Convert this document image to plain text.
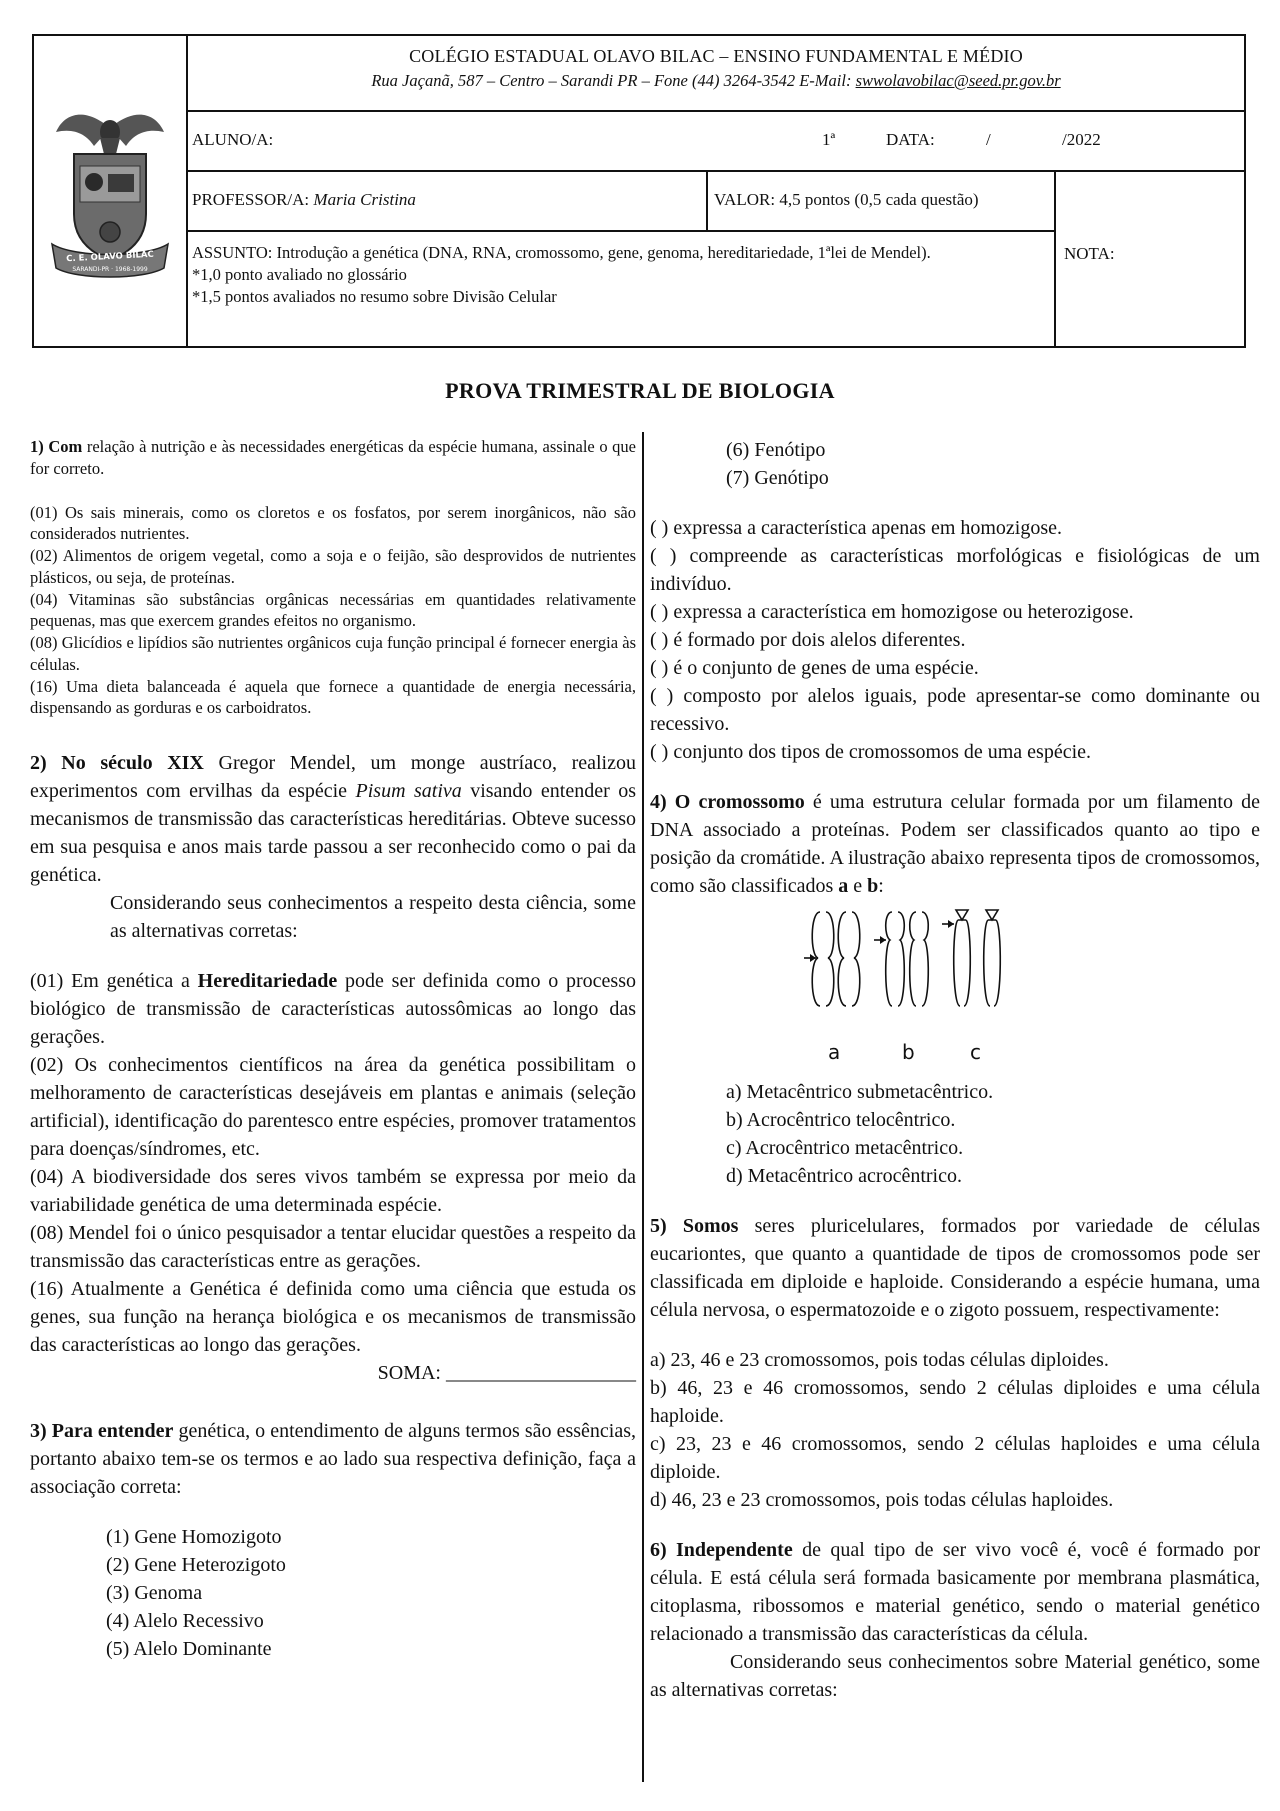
C. E. OLAVO BILAC
SARANDI-PR · 1968-1999
COLÉGIO ESTADUAL OLAVO BILAC – ENSINO FUNDAMENTAL E MÉDIO
Rua Jaçanã, 587 – Centro – Sarandi PR – Fone (44) 3264-3542 E-Mail: swwolavobilac@seed.pr.gov.br
ALUNO/A:	1ª	DATA:	/	/2022
PROFESSOR/A: Maria Cristina	VALOR: 4,5 pontos (0,5 cada questão)
ASSUNTO: Introdução a genética (DNA, RNA, cromossomo, gene, genoma, hereditariedade, 1ªlei de Mendel).
*1,0 ponto avaliado no glossário
*1,5 pontos avaliados no resumo sobre Divisão Celular
NOTA:
PROVA TRIMESTRAL DE BIOLOGIA

1) Com relação à nutrição e às necessidades energéticas da espécie humana, assinale o que for correto.

(01) Os sais minerais, como os cloretos e os fosfatos, por serem inorgânicos, não são considerados nutrientes.

(02) Alimentos de origem vegetal, como a soja e o feijão, são desprovidos de nutrientes plásticos, ou seja, de proteínas.

(04) Vitaminas são substâncias orgânicas necessárias em quantidades relativamente pequenas, mas que exercem grandes efeitos no organismo.

(08) Glicídios e lipídios são nutrientes orgânicos cuja função principal é fornecer energia às células.

(16) Uma dieta balanceada é aquela que fornece a quantidade de energia necessária, dispensando as gorduras e os carboidratos.

2) No século XIX Gregor Mendel, um monge austríaco, realizou experimentos com ervilhas da espécie Pisum sativa visando entender os mecanismos de transmissão das características hereditárias. Obteve sucesso em sua pesquisa e anos mais tarde passou a ser reconhecido como o pai da genética.

Considerando seus conhecimentos a respeito desta ciência, some as alternativas corretas:

(01) Em genética a Hereditariedade pode ser definida como o processo biológico de transmissão de características autossômicas ao longo das gerações.

(02) Os conhecimentos científicos na área da genética possibilitam o melhoramento de características desejáveis em plantas e animais (seleção artificial), identificação do parentesco entre espécies, promover tratamentos para doenças/síndromes, etc.

(04) A biodiversidade dos seres vivos também se expressa por meio da variabilidade genética de uma determinada espécie.

(08) Mendel foi o único pesquisador a tentar elucidar questões a respeito da transmissão das características entre as gerações.

(16) Atualmente a Genética é definida como uma ciência que estuda os genes, sua função na herança biológica e os mecanismos de transmissão das características ao longo das gerações.

SOMA: ___________________

3) Para entender genética, o entendimento de alguns termos são essências, portanto abaixo tem-se os termos e ao lado sua respectiva definição, faça a associação correta:

(1) Gene Homozigoto
(2) Gene Heterozigoto
(3) Genoma
(4) Alelo Recessivo
(5) Alelo Dominante
(6) Fenótipo
(7) Genótipo

( ) expressa a característica apenas em homozigose.

( ) compreende as características morfológicas e fisiológicas de um indivíduo.

( ) expressa a característica em homozigose ou heterozigose.

( ) é formado por dois alelos diferentes.

( ) é o conjunto de genes de uma espécie.

( ) composto por alelos iguais, pode apresentar-se como dominante ou recessivo.

( ) conjunto dos tipos de cromossomos de uma espécie.

4) O cromossomo é uma estrutura celular formada por um filamento de DNA associado a proteínas. Podem ser classificados quanto ao tipo e posição da cromátide. A ilustração abaixo representa tipos de cromossomos, como são classificados a e b:

a	b	c
a) Metacêntrico submetacêntrico.
b) Acrocêntrico telocêntrico.
c) Acrocêntrico metacêntrico.
d) Metacêntrico acrocêntrico.

5) Somos seres pluricelulares, formados por variedade de células eucariontes, que quanto a quantidade de tipos de cromossomos pode ser classificada em diploide e haploide. Considerando a espécie humana, uma célula nervosa, o espermatozoide e o zigoto possuem, respectivamente:

a) 23, 46 e 23 cromossomos, pois todas células diploides.

b) 46, 23 e 46 cromossomos, sendo 2 células diploides e uma célula haploide.

c) 23, 23 e 46 cromossomos, sendo 2 células haploides e uma célula diploide.

d) 46, 23 e 23 cromossomos, pois todas células haploides.

6) Independente de qual tipo de ser vivo você é, você é formado por célula. E está célula será formada basicamente por membrana plasmática, citoplasma, ribossomos e material genético, sendo o material genético relacionado a transmissão das características da célula.

Considerando seus conhecimentos sobre Material genético, some as alternativas corretas:
